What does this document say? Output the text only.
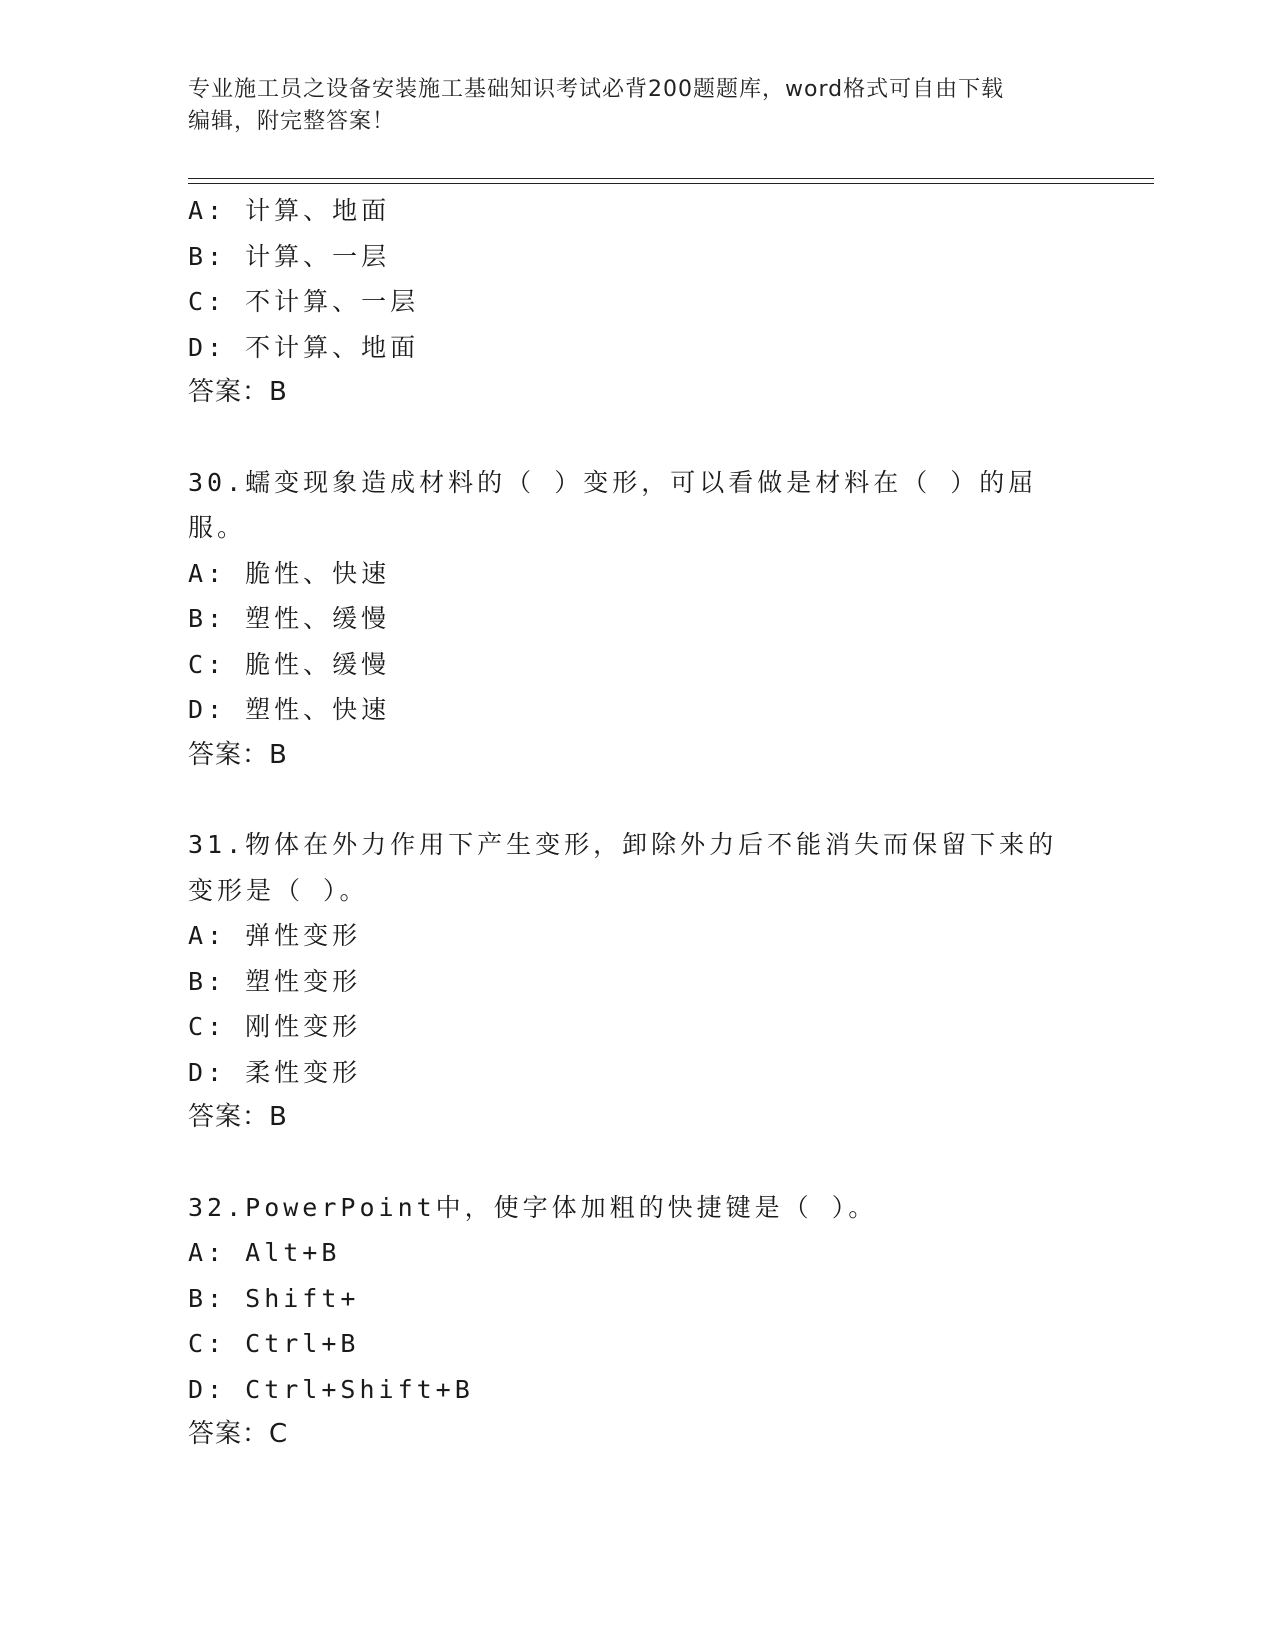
专业施工员之设备安装施工基础知识考试必背200题题库，word格式可自由下载
编辑，附完整答案！
A: 计算、地面
B: 计算、一层
C: 不计算、一层
D: 不计算、地面
答案：B
30.蠕变现象造成材料的（ ）变形，可以看做是材料在（ ）的屈服。
A: 脆性、快速
B: 塑性、缓慢
C: 脆性、缓慢
D: 塑性、快速
答案：B
31.物体在外力作用下产生变形，卸除外力后不能消失而保留下来的变形是（ ）。
A: 弹性变形
B: 塑性变形
C: 刚性变形
D: 柔性变形
答案：B
32.PowerPoint中，使字体加粗的快捷键是（ ）。
A: Alt+B
B: Shift+
C: Ctrl+B
D: Ctrl+Shift+B
答案：C
